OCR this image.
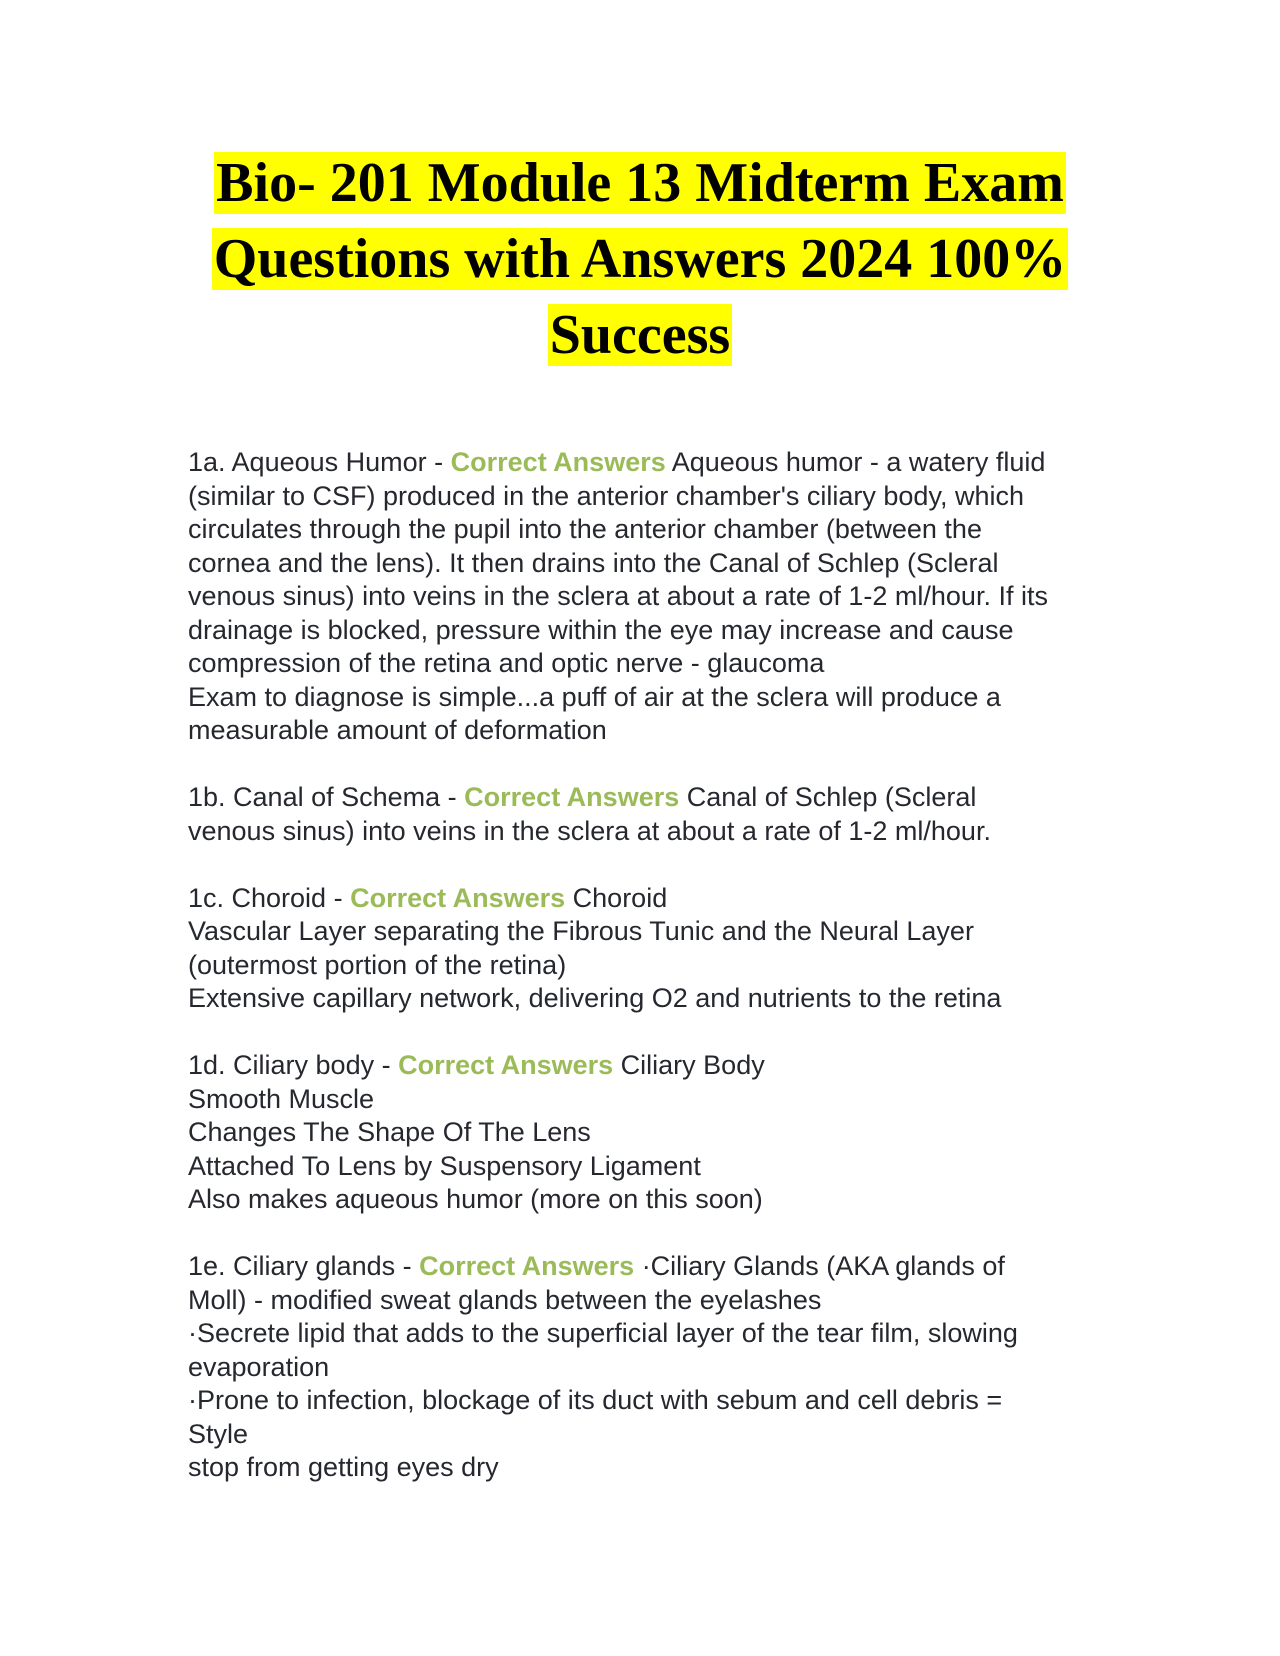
Bio- 201 Module 13 Midterm Exam
Questions with Answers 2024 100%
Success
1a. Aqueous Humor - Correct Answers Aqueous humor - a watery fluid
(similar to CSF) produced in the anterior chamber's ciliary body, which
circulates through the pupil into the anterior chamber (between the
cornea and the lens). It then drains into the Canal of Schlep (Scleral
venous sinus) into veins in the sclera at about a rate of 1-2 ml/hour. If its
drainage is blocked, pressure within the eye may increase and cause
compression of the retina and optic nerve - glaucoma
Exam to diagnose is simple...a puff of air at the sclera will produce a
measurable amount of deformation
1b. Canal of Schema - Correct Answers Canal of Schlep (Scleral
venous sinus) into veins in the sclera at about a rate of 1-2 ml/hour.
1c. Choroid - Correct Answers Choroid
Vascular Layer separating the Fibrous Tunic and the Neural Layer
(outermost portion of the retina)
Extensive capillary network, delivering O2 and nutrients to the retina
1d. Ciliary body - Correct Answers Ciliary Body
Smooth Muscle
Changes The Shape Of The Lens
Attached To Lens by Suspensory Ligament
Also makes aqueous humor (more on this soon)
1e. Ciliary glands - Correct Answers ·Ciliary Glands (AKA glands of
Moll) - modified sweat glands between the eyelashes
·Secrete lipid that adds to the superficial layer of the tear film, slowing
evaporation
·Prone to infection, blockage of its duct with sebum and cell debris =
Style
stop from getting eyes dry
